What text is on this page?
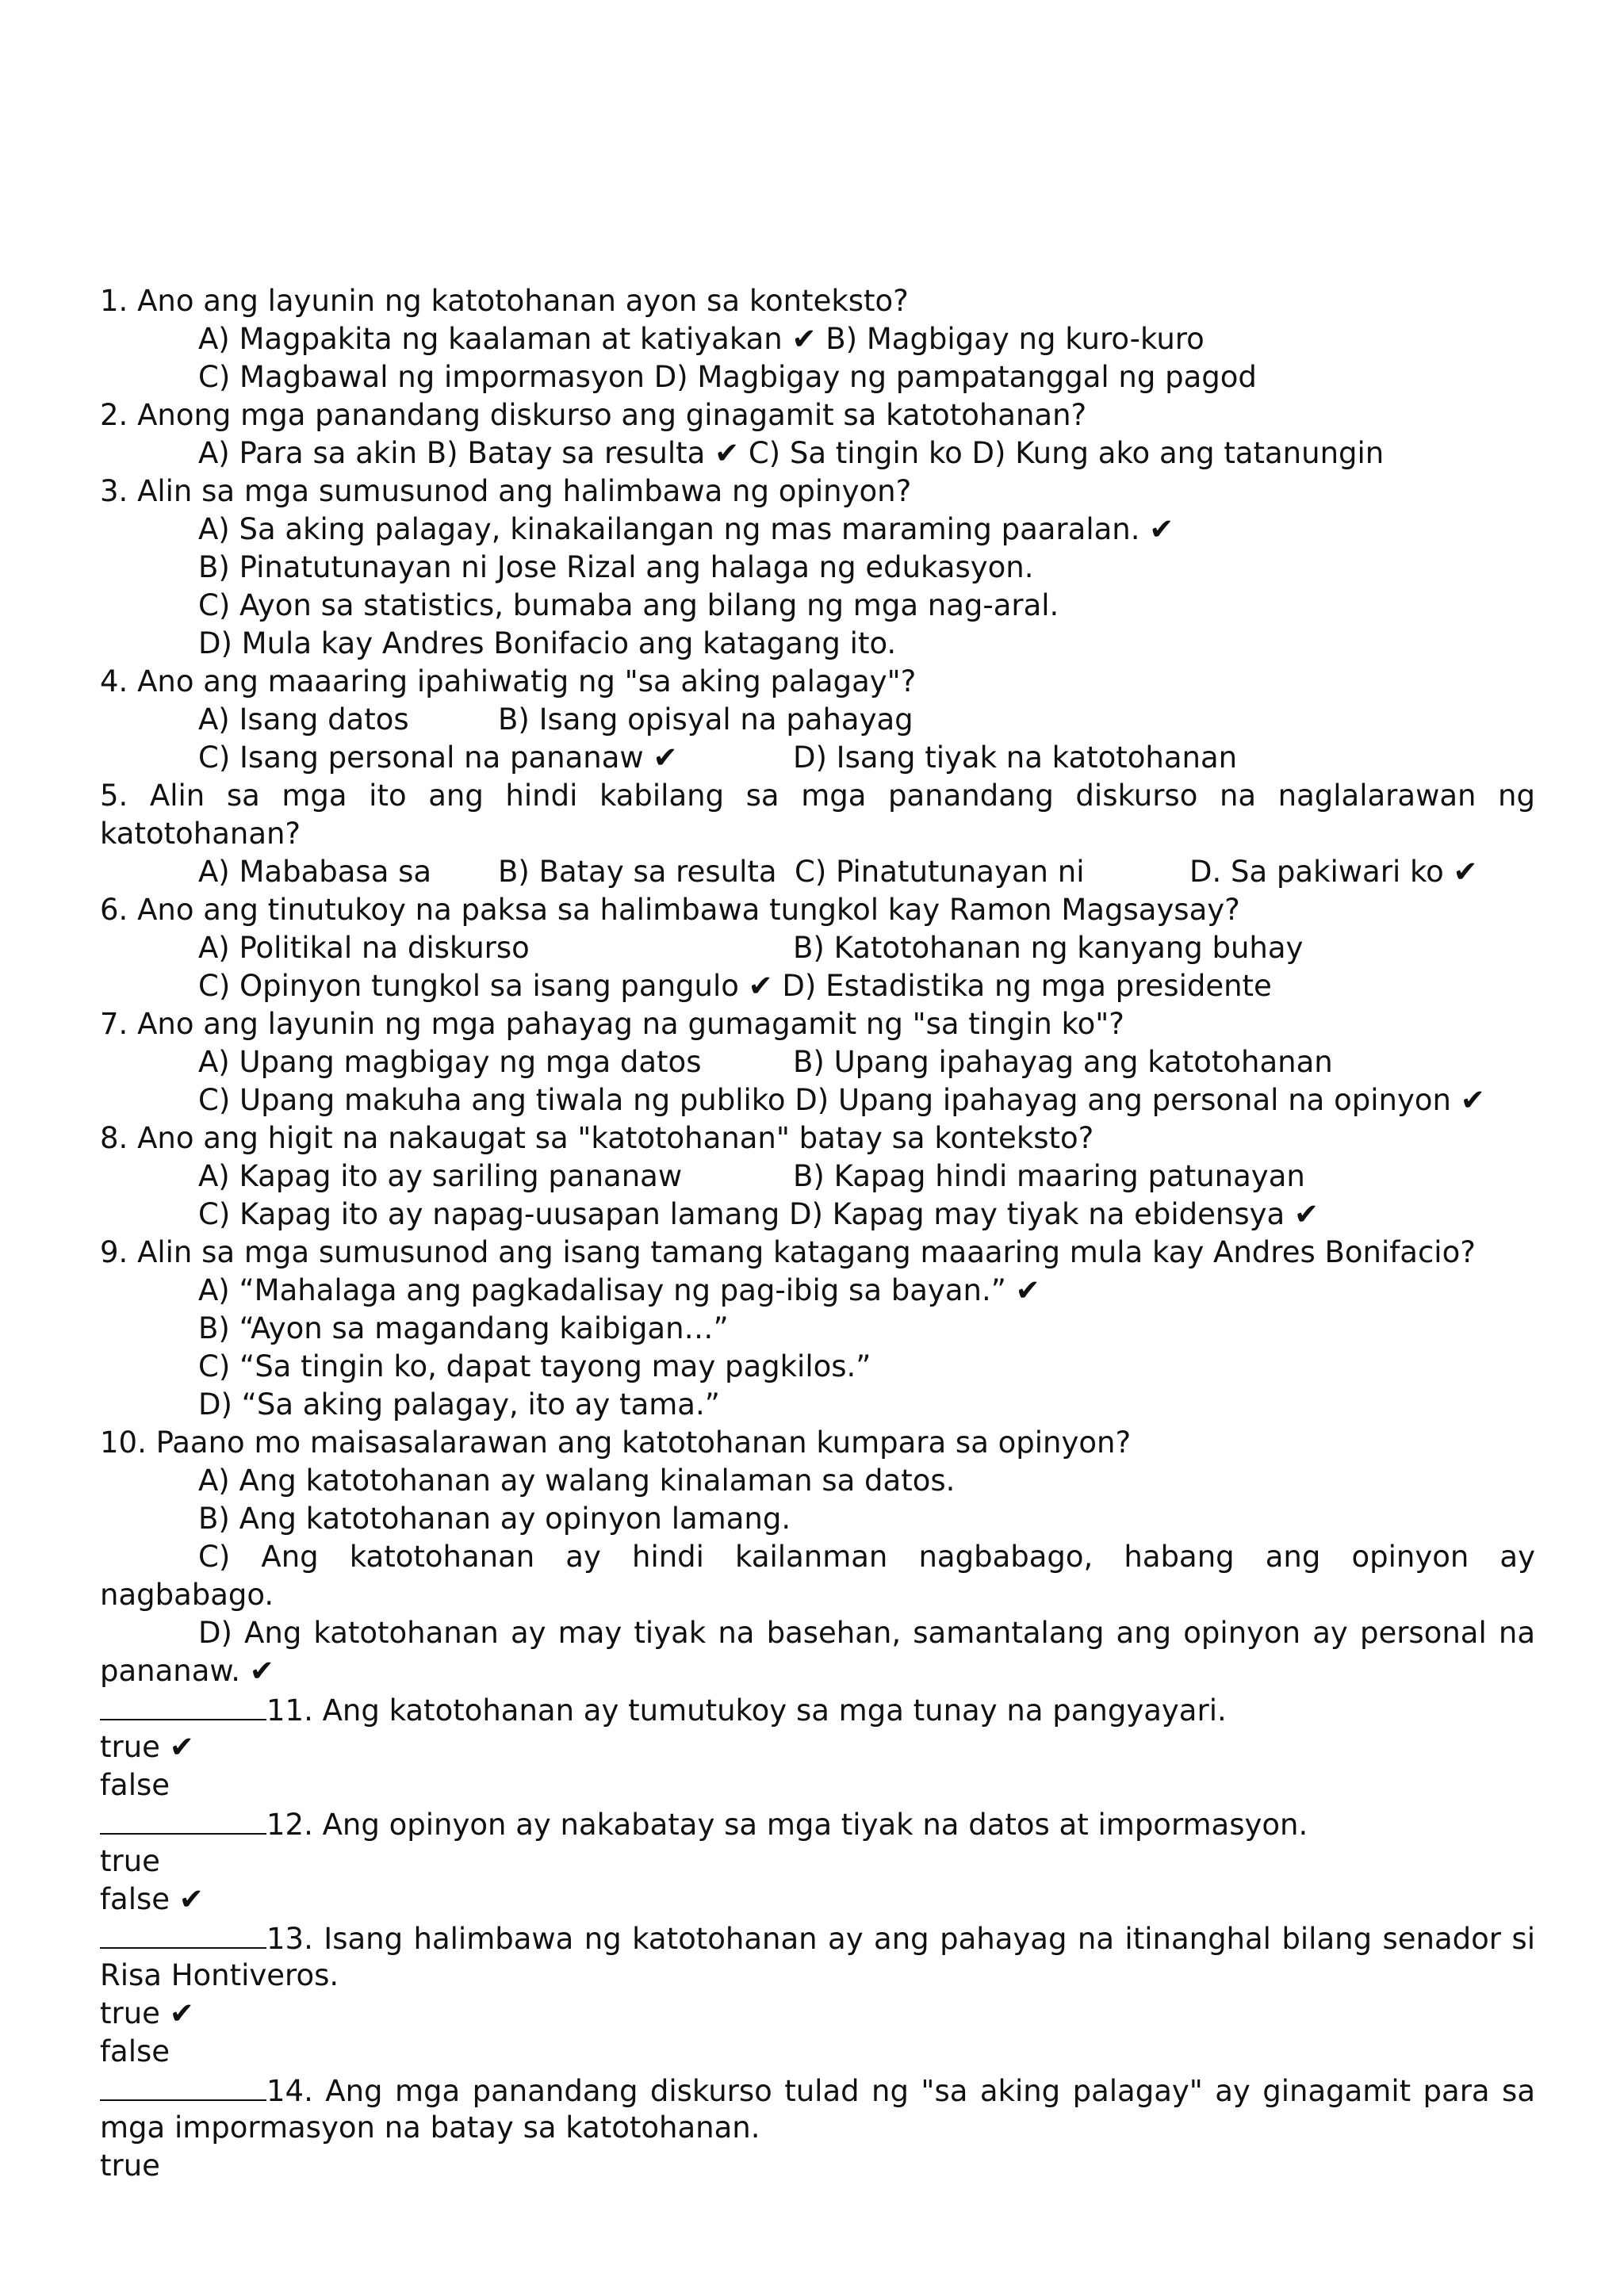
1. Ano ang layunin ng katotohanan ayon sa konteksto?
A) Magpakita ng kaalaman at katiyakan ✔ B) Magbigay ng kuro-kuro
C) Magbawal ng impormasyon D) Magbigay ng pampatanggal ng pagod
2. Anong mga panandang diskurso ang ginagamit sa katotohanan?
A) Para sa akin B) Batay sa resulta ✔ C) Sa tingin ko D) Kung ako ang tatanungin
3. Alin sa mga sumusunod ang halimbawa ng opinyon?
A) Sa aking palagay, kinakailangan ng mas maraming paaralan. ✔
B) Pinatutunayan ni Jose Rizal ang halaga ng edukasyon.
C) Ayon sa statistics, bumaba ang bilang ng mga nag-aral.
D) Mula kay Andres Bonifacio ang katagang ito.
4. Ano ang maaaring ipahiwatig ng "sa aking palagay"?
A) Isang datos	B) Isang opisyal na pahayag
C) Isang personal na pananaw ✔	D) Isang tiyak na katotohanan
5. Alin sa mga ito ang hindi kabilang sa mga panandang diskurso na naglalarawan ng
katotohanan?
A) Mababasa sa B) Batay sa resulta C) Pinatutunayan ni	D. Sa pakiwari ko ✔
6. Ano ang tinutukoy na paksa sa halimbawa tungkol kay Ramon Magsaysay?
A) Politikal na diskurso	B) Katotohanan ng kanyang buhay
C) Opinyon tungkol sa isang pangulo ✔ D) Estadistika ng mga presidente
7. Ano ang layunin ng mga pahayag na gumagamit ng "sa tingin ko"?
A) Upang magbigay ng mga datos	B) Upang ipahayag ang katotohanan
C) Upang makuha ang tiwala ng publiko D) Upang ipahayag ang personal na opinyon ✔
8. Ano ang higit na nakaugat sa "katotohanan" batay sa konteksto?
A) Kapag ito ay sariling pananaw	B) Kapag hindi maaring patunayan
C) Kapag ito ay napag-uusapan lamang D) Kapag may tiyak na ebidensya ✔
9. Alin sa mga sumusunod ang isang tamang katagang maaaring mula kay Andres Bonifacio?
A) “Mahalaga ang pagkadalisay ng pag-ibig sa bayan.” ✔
B) “Ayon sa magandang kaibigan…”
C) “Sa tingin ko, dapat tayong may pagkilos.”
D) “Sa aking palagay, ito ay tama.”
10. Paano mo maisasalarawan ang katotohanan kumpara sa opinyon?
A) Ang katotohanan ay walang kinalaman sa datos.
B) Ang katotohanan ay opinyon lamang.
C) Ang katotohanan ay hindi kailanman nagbabago, habang ang opinyon ay
nagbabago.
D) Ang katotohanan ay may tiyak na basehan, samantalang ang opinyon ay personal na
pananaw. ✔
11. Ang katotohanan ay tumutukoy sa mga tunay na pangyayari.
true ✔
false
12. Ang opinyon ay nakabatay sa mga tiyak na datos at impormasyon.
true
false ✔
13. Isang halimbawa ng katotohanan ay ang pahayag na itinanghal bilang senador si
Risa Hontiveros.
true ✔
false
14. Ang mga panandang diskurso tulad ng "sa aking palagay" ay ginagamit para sa
mga impormasyon na batay sa katotohanan.
true
